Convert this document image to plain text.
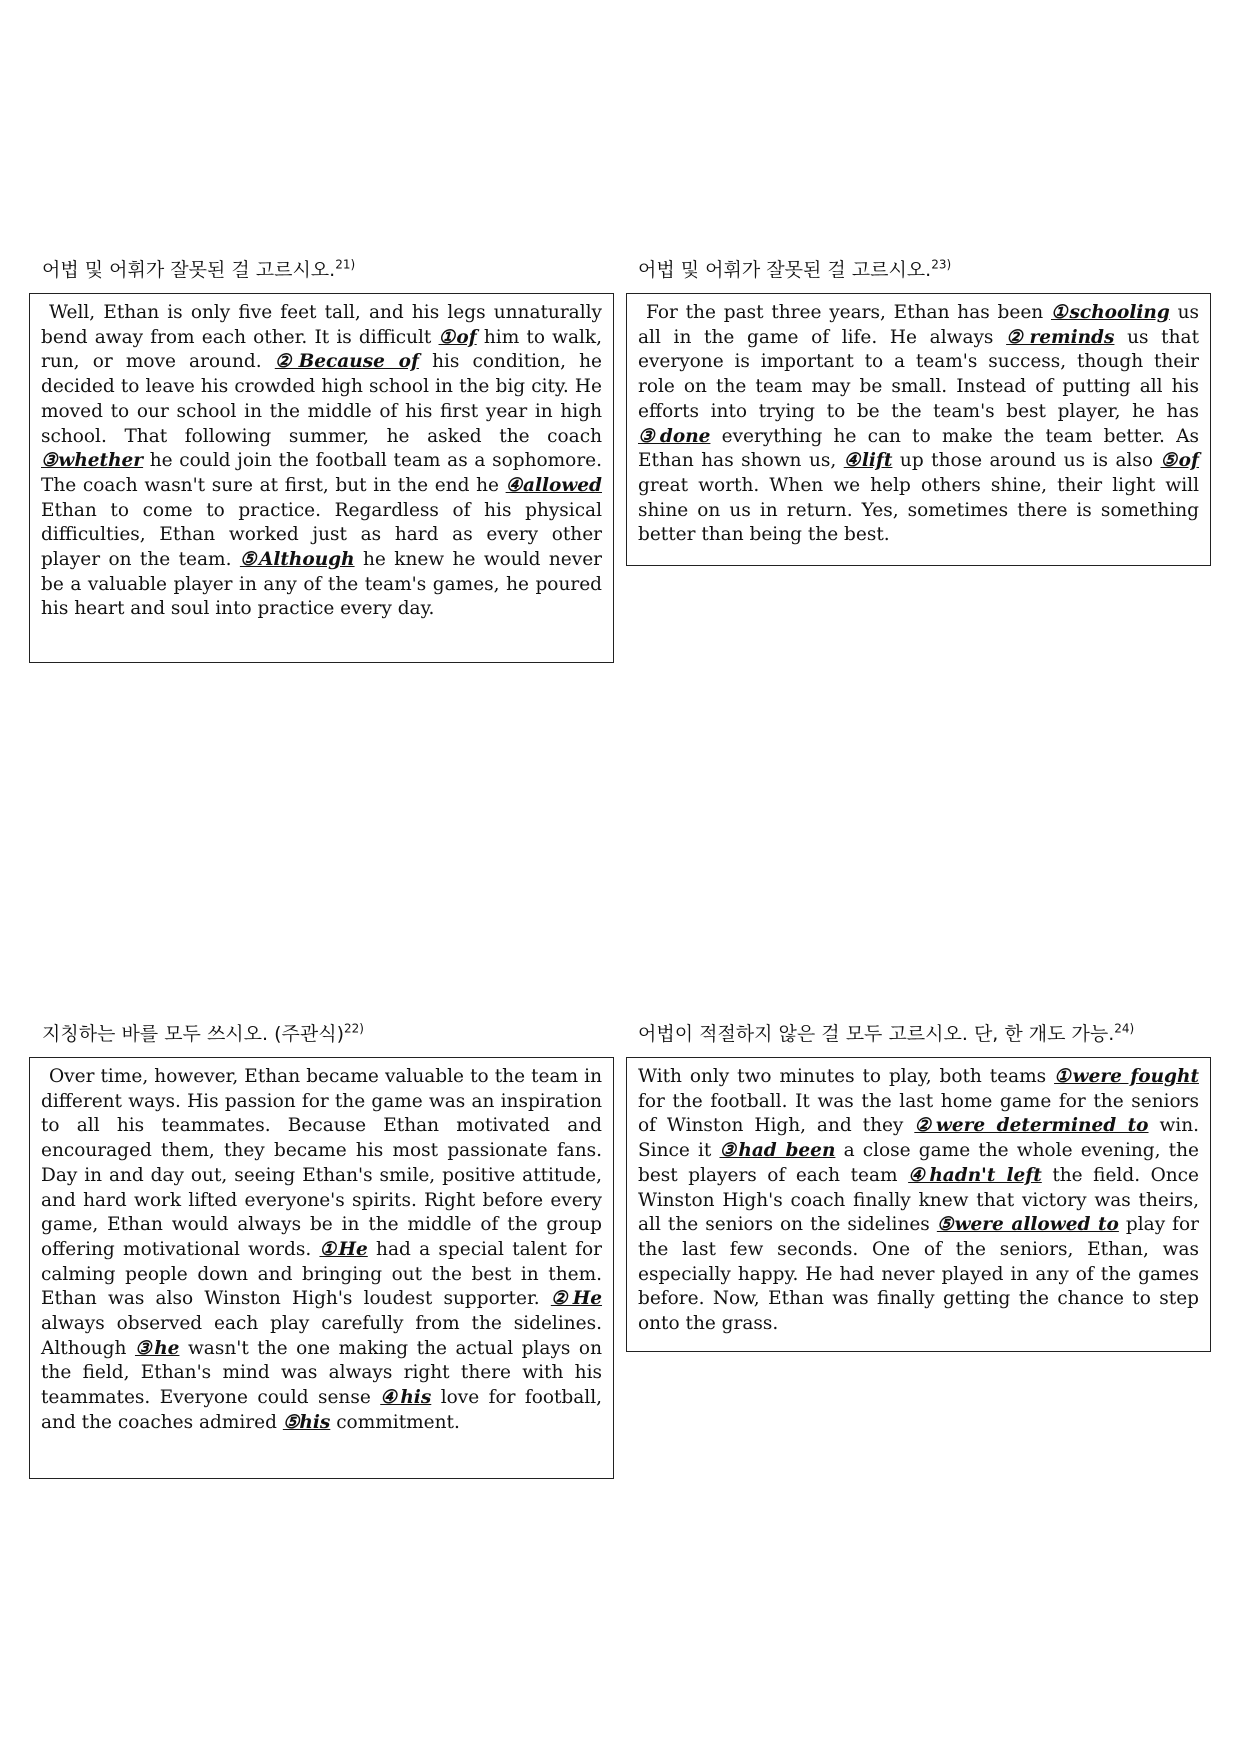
어법 및 어휘가 잘못된 걸 고르시오.$^{21)}$

Well, Ethan is only five feet tall, and his legs unnaturally bend away from each other. It is difficult ①of him to walk, run, or move around. ②Because of his condition, he decided to leave his crowded high school in the big city. He moved to our school in the middle of his first year in high school. That following summer, he asked the coach ③whether he could join the football team as a sophomore. The coach wasn't sure at first, but in the end he ④allowed Ethan to come to practice. Regardless of his physical difficulties, Ethan worked just as hard as every other player on the team. ⑤Although he knew he would never be a valuable player in any of the team's games, he poured his heart and soul into practice every day.

어법 및 어휘가 잘못된 걸 고르시오.$^{23)}$

For the past three years, Ethan has been ①schooling us all in the game of life. He always ②reminds us that everyone is important to a team's success, though their role on the team may be small. Instead of putting all his efforts into trying to be the team's best player, he has ③done everything he can to make the team better. As Ethan has shown us, ④lift up those around us is also ⑤of great worth. When we help others shine, their light will shine on us in return. Yes, sometimes there is something better than being the best.

지칭하는 바를 모두 쓰시오. (주관식)$^{22)}$

Over time, however, Ethan became valuable to the team in different ways. His passion for the game was an inspiration to all his teammates. Because Ethan motivated and encouraged them, they became his most passionate fans. Day in and day out, seeing Ethan's smile, positive attitude, and hard work lifted everyone's spirits. Right before every game, Ethan would always be in the middle of the group offering motivational words. ①He had a special talent for calming people down and bringing out the best in them. Ethan was also Winston High's loudest supporter. ②He always observed each play carefully from the sidelines. Although ③he wasn't the one making the actual plays on the field, Ethan's mind was always right there with his teammates. Everyone could sense ④his love for football, and the coaches admired ⑤his commitment.

어법이 적절하지 않은 걸 모두 고르시오. 단, 한 개도 가능.$^{24)}$

With only two minutes to play, both teams ①were fought for the football. It was the last home game for the seniors of Winston High, and they ②were determined to win. Since it ③had been a close game the whole evening, the best players of each team ④hadn't left the field. Once Winston High's coach finally knew that victory was theirs, all the seniors on the sidelines ⑤were allowed to play for the last few seconds. One of the seniors, Ethan, was especially happy. He had never played in any of the games before. Now, Ethan was finally getting the chance to step onto the grass.
